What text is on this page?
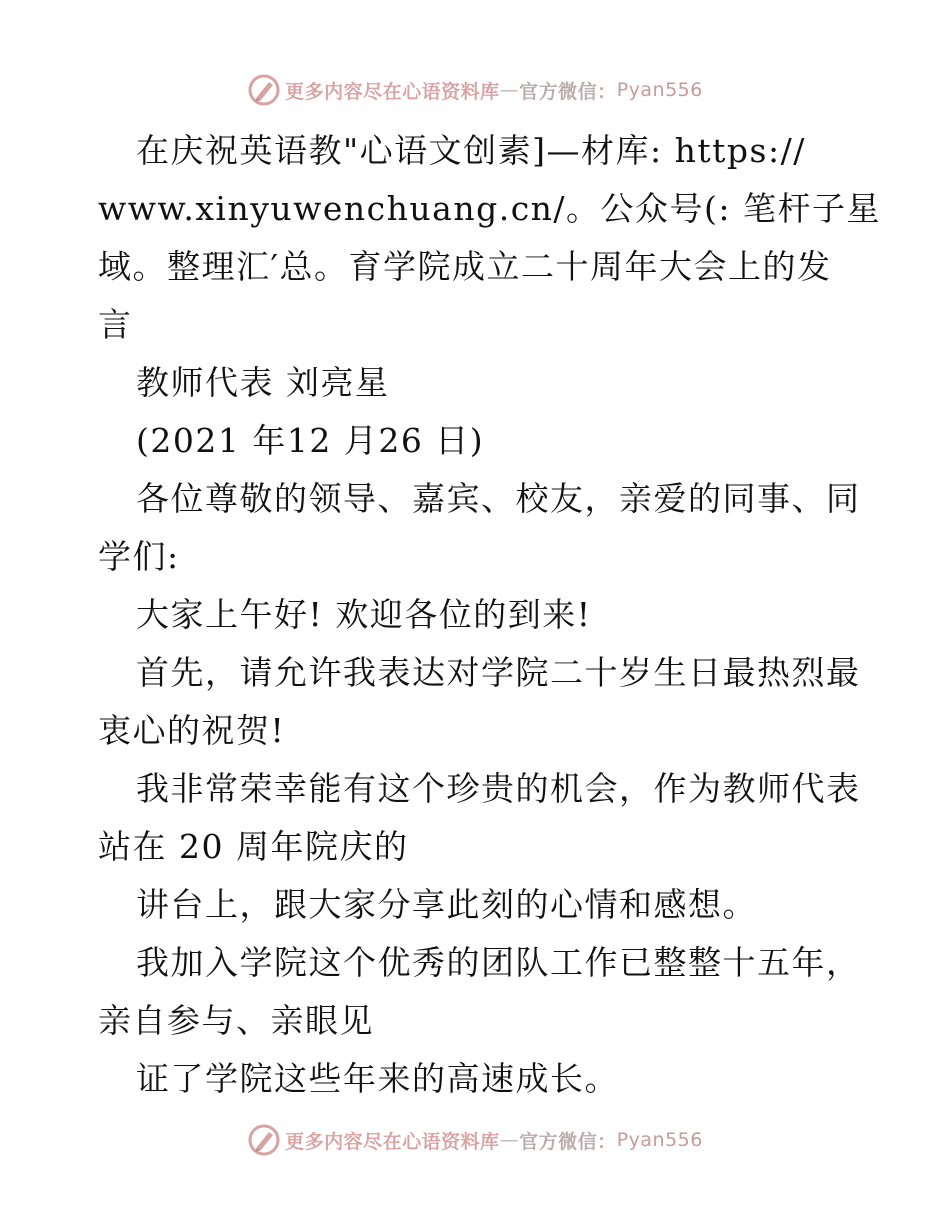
更多内容尽在心语资料库 — 官方微信： Pyan556
在庆祝英语教"心语文创素]—材库: https://
www.xinyuwenchuang.cn/。公众号(: 笔杆子星
域。整理汇′总。育学院成立二十周年大会上的发
言
教师代表 刘亮星
(2021 年12 月26 日)
各位尊敬的领导、嘉宾、校友，亲爱的同事、同
学们:
大家上午好! 欢迎各位的到来!
首先，请允许我表达对学院二十岁生日最热烈最
衷心的祝贺!
我非常荣幸能有这个珍贵的机会，作为教师代表
站在 20 周年院庆的
讲台上，跟大家分享此刻的心情和感想。
我加入学院这个优秀的团队工作已整整十五年，
亲自参与、亲眼见
证了学院这些年来的高速成长。
更多内容尽在心语资料库 — 官方微信： Pyan556
